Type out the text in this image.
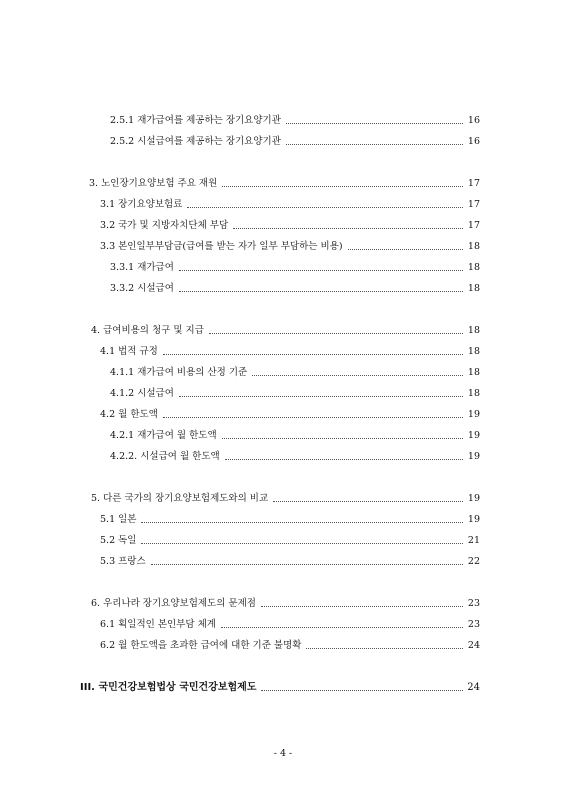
2.5.1 재가급여를 제공하는 장기요양기관	16
2.5.2 시설급여를 제공하는 장기요양기관	16
3. 노인장기요양보험 주요 재원	17
3.1 장기요양보험료	17
3.2 국가 및 지방자치단체 부담	17
3.3 본인일부부담금(급여를 받는 자가 일부 부담하는 비용)	18
3.3.1 재가급여	18
3.3.2 시설급여	18
4. 급여비용의 청구 및 지급	18
4.1 법적 규정	18
4.1.1 재가급여 비용의 산정 기준	18
4.1.2 시설급여	18
4.2 월 한도액	19
4.2.1 재가급여 월 한도액	19
4.2.2. 시설급여 월 한도액	19
5. 다른 국가의 장기요양보험제도와의 비교	19
5.1 일본	19
5.2 독일	21
5.3 프랑스	22
6. 우리나라 장기요양보험제도의 문제점	23
6.1 획일적인 본인부담 체계	23
6.2 월 한도액을 초과한 급여에 대한 기준 불명확	24
III. 국민건강보험법상 국민건강보험제도	24
- 4 -
